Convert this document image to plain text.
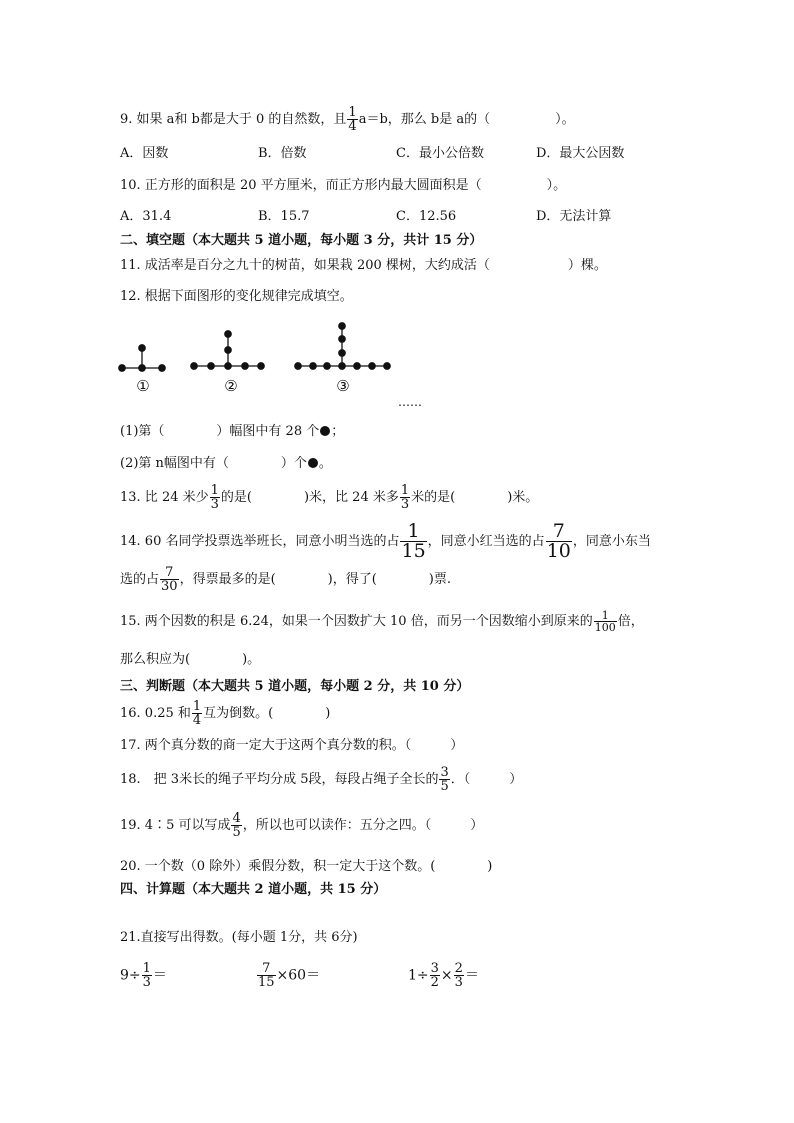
9. 如果 a和 b都是大于 0 的自然数，且 $\frac{1}{4} a=b$，那么 b是 a的（　　　　　）。
A．因数	B．倍数	C．最小公倍数	D．最大公因数
10. 正方形的面积是 20 平方厘米，而正方形内最大圆面积是（　　　　　）。
A．31.4	B．15.7	C．12.56	D．无法计算
二、填空题（本大题共 5 道小题，每小题 3 分，共计 15 分）
11. 成活率是百分之九十的树苗，如果栽 200 棵树，大约成活（　　　　　　）棵。
12. 根据下面图形的变化规律完成填空。
①	②	③
……
(1)第（　　　　）幅图中有 28 个 ；
(2)第 n幅图中有（　　　　）个 。
13. 比 24 米少 $\frac{1}{3}$ 的是(　　　　)米，比 24 米多 $\frac{1}{3}$ 米的是(　　　　)米。
14. 60 名同学投票选举班长，同意小明当选的占 $\frac{1}{15}$ ，同意小红当选的占 $\frac{7}{10}$ ，同意小东当
选的占 $\frac{7}{30}$ ，得票最多的是(　　　　)，得了(　　　　)票.
15. 两个因数的积是 6.24，如果一个因数扩大 10 倍，而另一个因数缩小到原来的 $\frac{1}{100}$ 倍，
那么积应为(　　　　)。
三、判断题（本大题共 5 道小题，每小题 2 分，共 10 分）
16. 0.25 和 $\frac{1}{4}$ 互为倒数。(　　　　)
17. 两个真分数的商一定大于这两个真分数的积。（　　　）
18.　把 3米长的绳子平均分成 5段，每段占绳子全长的 $\frac{3}{5}$ ．（　　　）
19. 4∶5 可以写成 $\frac{4}{5}$ ，所以也可以读作：五分之四。（　　　）
20. 一个数（0 除外）乘假分数，积一定大于这个数。(　　　　)
四、计算题（本大题共 2 道小题，共 15 分）
21.直接写出得数。(每小题 1分，共 6分)
$9\div \frac{1}{3}$ ＝	$\frac{7}{15} \times 60=$	$1\div \frac{3}{2} \times \frac{2}{3}$ ＝
